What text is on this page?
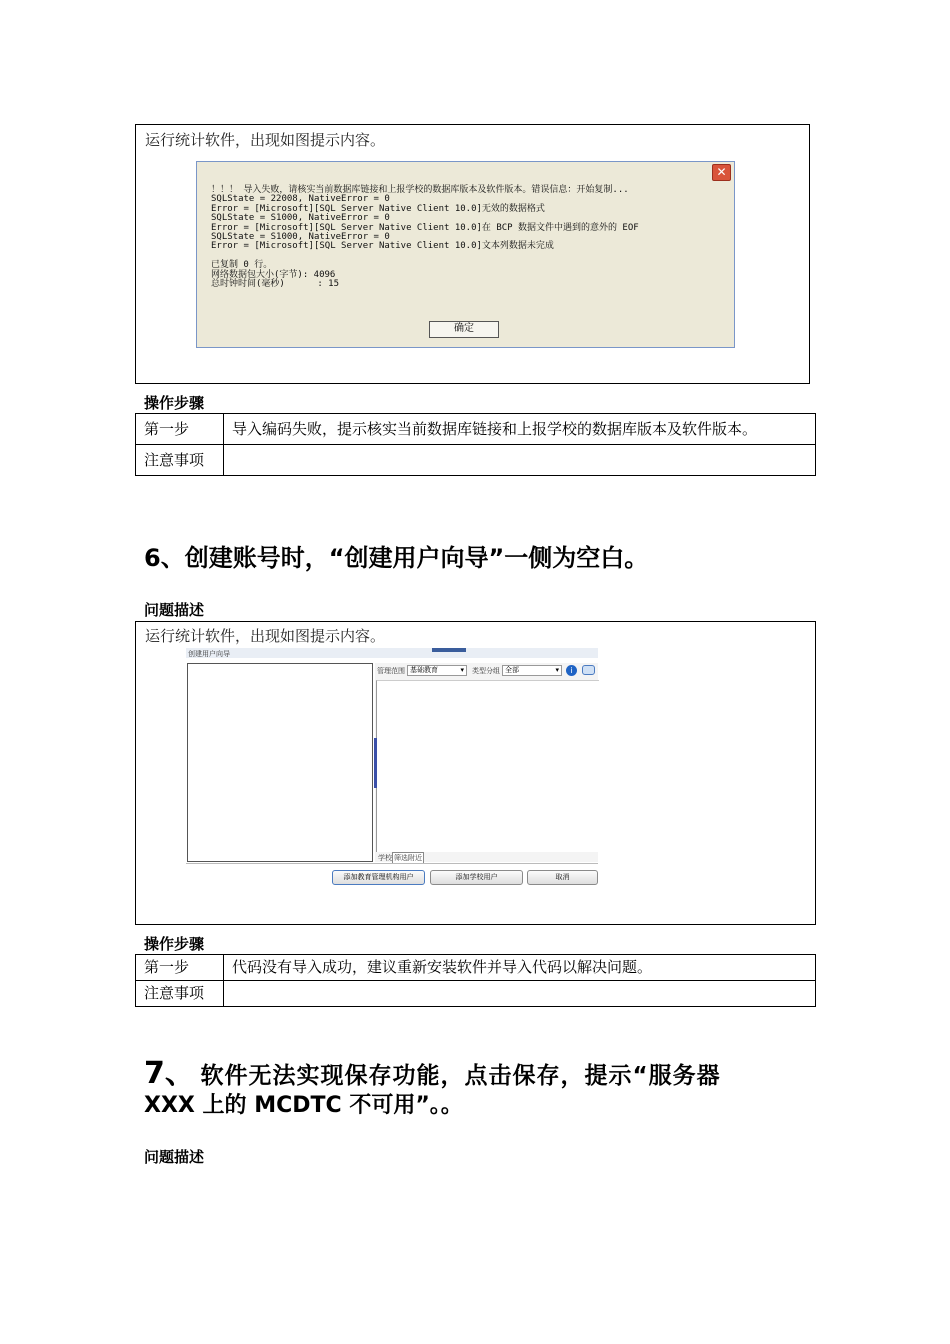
运行统计软件，出现如图提示内容。
✕
！！！ 导入失败，请核实当前数据库链接和上报学校的数据库版本及软件版本。错误信息：开始复制...
SQLState = 22008, NativeError = 0
Error = [Microsoft][SQL Server Native Client 10.0]无效的数据格式
SQLState = S1000, NativeError = 0
Error = [Microsoft][SQL Server Native Client 10.0]在 BCP 数据文件中遇到的意外的 EOF
SQLState = S1000, NativeError = 0
Error = [Microsoft][SQL Server Native Client 10.0]文本列数据未完成
已复制 0 行。
网络数据包大小(字节): 4096
总时钟时间(毫秒)      : 15
确定
操作步骤
第一步	导入编码失败，提示核实当前数据库链接和上报学校的数据库版本及软件版本。
注意事项	
6、创建账号时，“创建用户向导”一侧为空白。
问题描述
运行统计软件，出现如图提示内容。
创建用户向导
管理范围 基础教育	▾ 类型分组 全部	▾	i
学校 筛选附近
添加教育管理机构用户	添加学校用户	取消
操作步骤
第一步	代码没有导入成功，建议重新安装软件并导入代码以解决问题。
注意事项	
7、 软件无法实现保存功能，点击保存，提示“服务器
XXX 上的 MCDTC 不可用”。。
问题描述
